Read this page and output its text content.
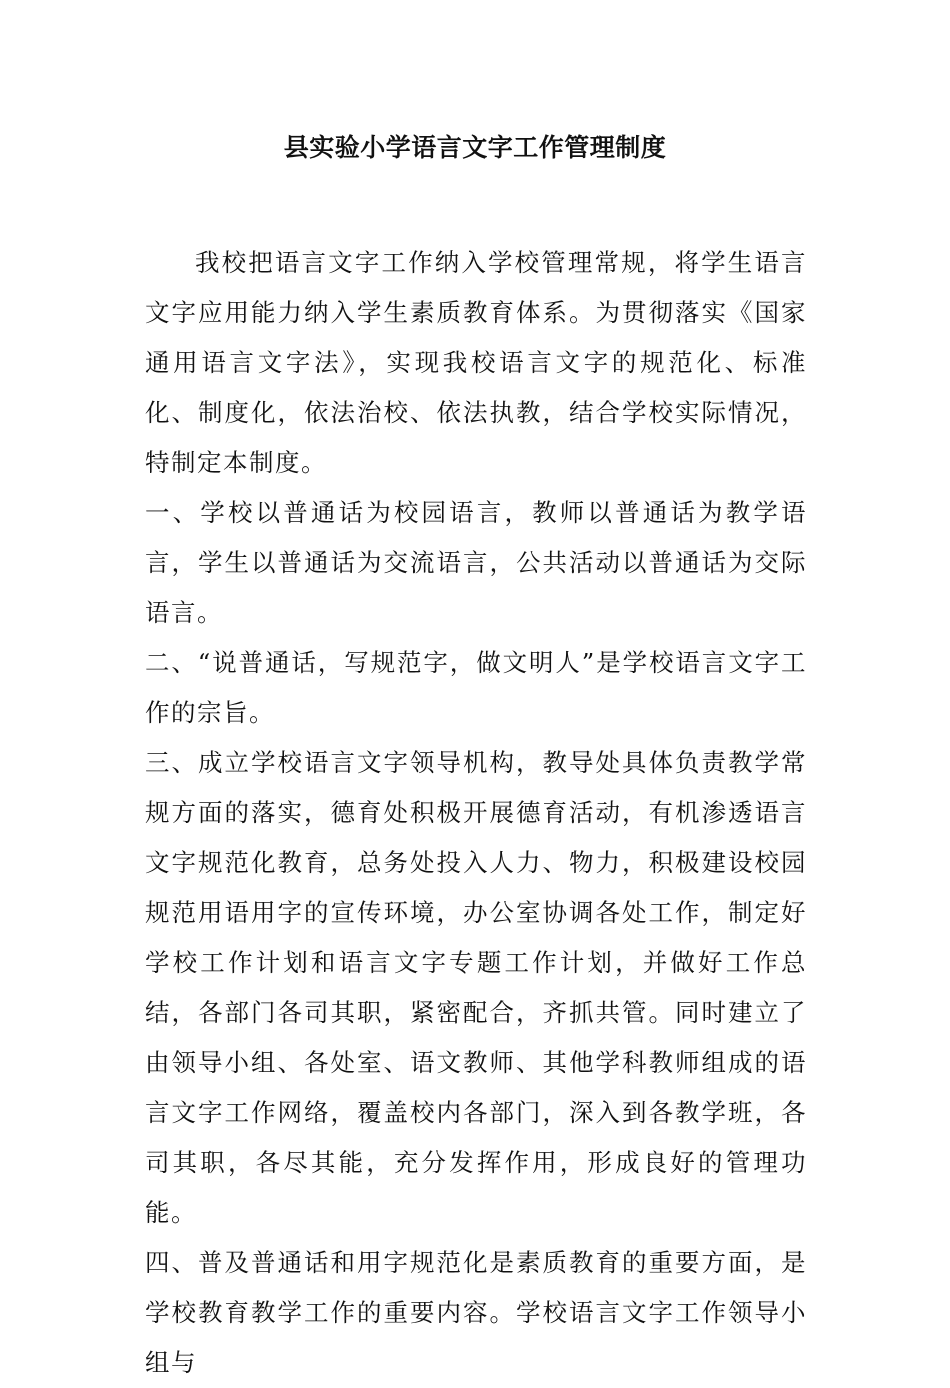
县实验小学语言文字工作管理制度

我校把语言文字工作纳入学校管理常规，将学生语言文字应用能力纳入学生素质教育体系。为贯彻落实《国家通用语言文字法》，实现我校语言文字的规范化、标准化、制度化，依法治校、依法执教，结合学校实际情况，特制定本制度。

一、学校以普通话为校园语言，教师以普通话为教学语言，学生以普通话为交流语言，公共活动以普通话为交际语言。

二、“说普通话，写规范字，做文明人”是学校语言文字工作的宗旨。

三、成立学校语言文字领导机构，教导处具体负责教学常规方面的落实，德育处积极开展德育活动，有机渗透语言文字规范化教育，总务处投入人力、物力，积极建设校园规范用语用字的宣传环境，办公室协调各处工作，制定好学校工作计划和语言文字专题工作计划，并做好工作总结，各部门各司其职，紧密配合，齐抓共管。同时建立了由领导小组、各处室、语文教师、其他学科教师组成的语言文字工作网络，覆盖校内各部门，深入到各教学班，各司其职，各尽其能，充分发挥作用，形成良好的管理功能。

四、普及普通话和用字规范化是素质教育的重要方面，是学校教育教学工作的重要内容。学校语言文字工作领导小组与
